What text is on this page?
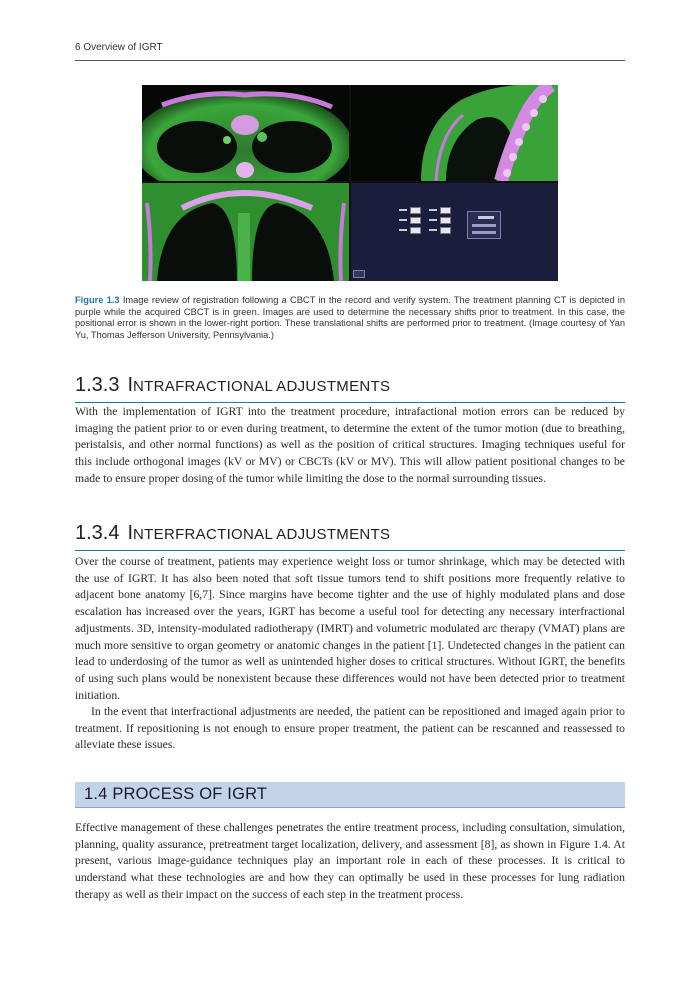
6 Overview of IGRT
Figure 1.3 Image review of registration following a CBCT in the record and verify system. The treatment planning CT is depicted in purple while the acquired CBCT is in green. Images are used to determine the necessary shifts prior to treatment. In this case, the positional error is shown in the lower-right portion. These translational shifts are performed prior to treatment. (Image courtesy of Yan Yu, Thomas Jefferson University, Pennsylvania.)
1.3.3 INTRAFRACTIONAL ADJUSTMENTS
With the implementation of IGRT into the treatment procedure, intrafactional motion errors can be reduced by imaging the patient prior to or even during treatment, to determine the extent of the tumor motion (due to breathing, peristalsis, and other normal functions) as well as the position of critical structures. Imaging techniques useful for this include orthogonal images (kV or MV) or CBCTs (kV or MV). This will allow patient positional changes to be made to ensure proper dosing of the tumor while limiting the dose to the normal surrounding tissues.
1.3.4 INTERFRACTIONAL ADJUSTMENTS
Over the course of treatment, patients may experience weight loss or tumor shrinkage, which may be detected with the use of IGRT. It has also been noted that soft tissue tumors tend to shift positions more frequently relative to adjacent bone anatomy [6,7]. Since margins have become tighter and the use of highly modulated plans and dose escalation has increased over the years, IGRT has become a useful tool for detecting any necessary interfractional adjustments. 3D, intensity-modulated radiotherapy (IMRT) and volumetric modulated arc therapy (VMAT) plans are much more sensitive to organ geometry or anatomic changes in the patient [1]. Undetected changes in the patient can lead to underdosing of the tumor as well as unintended higher doses to critical structures. Without IGRT, the benefits of using such plans would be nonexistent because these differences would not have been detected prior to treatment initiation.
In the event that interfractional adjustments are needed, the patient can be repositioned and imaged again prior to treatment. If repositioning is not enough to ensure proper treatment, the patient can be rescanned and reassessed to alleviate these issues.
1.4 PROCESS OF IGRT
Effective management of these challenges penetrates the entire treatment process, including consultation, simulation, planning, quality assurance, pretreatment target localization, delivery, and assessment [8], as shown in Figure 1.4. At present, various image-guidance techniques play an important role in each of these processes. It is critical to understand what these technologies are and how they can optimally be used in these processes for lung radiation therapy as well as their impact on the success of each step in the treatment process.
